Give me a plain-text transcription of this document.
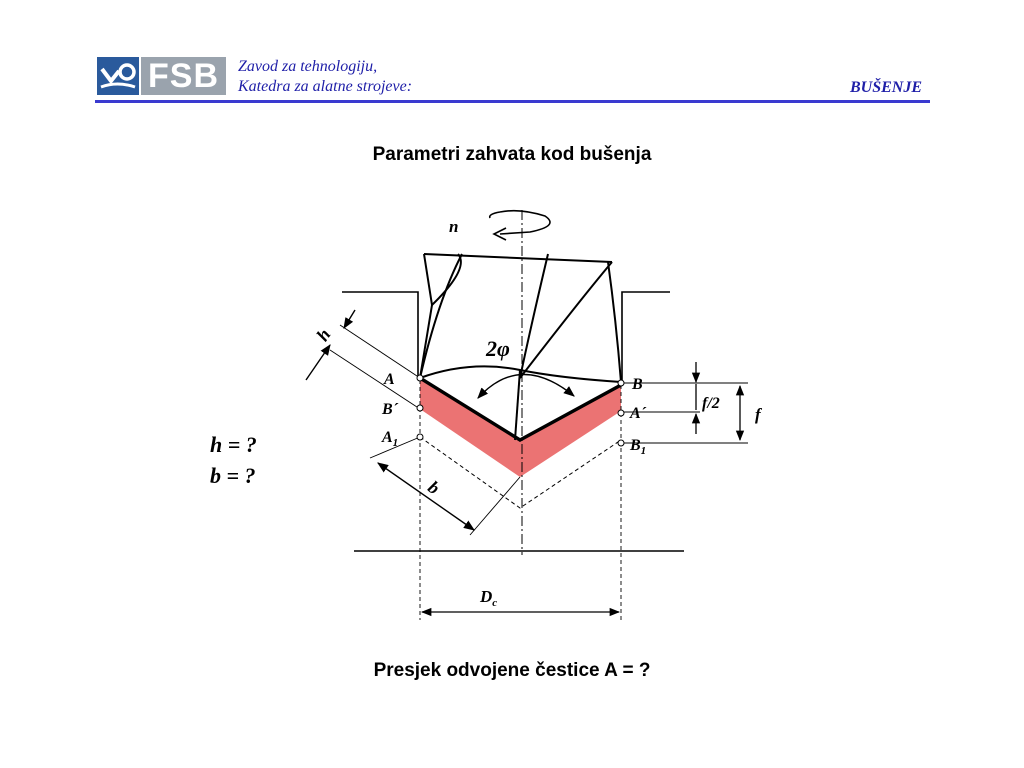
FSB	Zavod za tehnologiju,
Katedra za alatne strojeve:	BUŠENJE
Parametri zahvata kod bušenja
h = ?
b = ?
n
2φ
h
b
f/2
f
$D_c$
A
B´
$A_1$
B
A´
$B_1$
Presjek odvojene čestice A = ?
